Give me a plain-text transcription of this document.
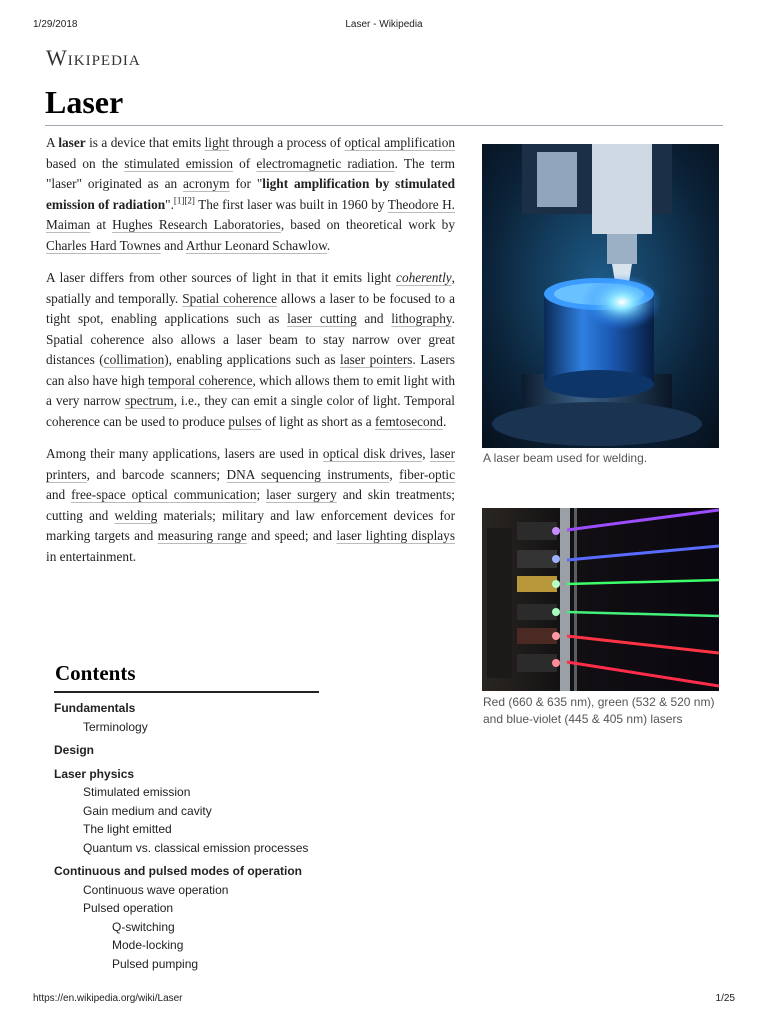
1/29/2018	Laser - Wikipedia
Wikipedia
Laser

A laser is a device that emits light through a process of optical amplification based on the stimulated emission of electromagnetic radiation. The term "laser" originated as an acronym for "light amplification by stimulated emission of radiation".[1][2] The first laser was built in 1960 by Theodore H. Maiman at Hughes Research Laboratories, based on theoretical work by Charles Hard Townes and Arthur Leonard Schawlow.

A laser differs from other sources of light in that it emits light coherently, spatially and temporally. Spatial coherence allows a laser to be focused to a tight spot, enabling applications such as laser cutting and lithography. Spatial coherence also allows a laser beam to stay narrow over great distances (collimation), enabling applications such as laser pointers. Lasers can also have high temporal coherence, which allows them to emit light with a very narrow spectrum, i.e., they can emit a single color of light. Temporal coherence can be used to produce pulses of light as short as a femtosecond.

Among their many applications, lasers are used in optical disk drives, laser printers, and barcode scanners; DNA sequencing instruments, fiber-optic and free-space optical communication; laser surgery and skin treatments; cutting and welding materials; military and law enforcement devices for marking targets and measuring range and speed; and laser lighting displays in entertainment.

A laser beam used for welding.
Red (660 & 635 nm), green (532 & 520 nm) and blue-violet (445 & 405 nm) lasers
Contents
Fundamentals
Terminology
Design
Laser physics
Stimulated emission
Gain medium and cavity
The light emitted
Quantum vs. classical emission processes
Continuous and pulsed modes of operation
Continuous wave operation
Pulsed operation
Q-switching
Mode-locking
Pulsed pumping
https://en.wikipedia.org/wiki/Laser	1/25
